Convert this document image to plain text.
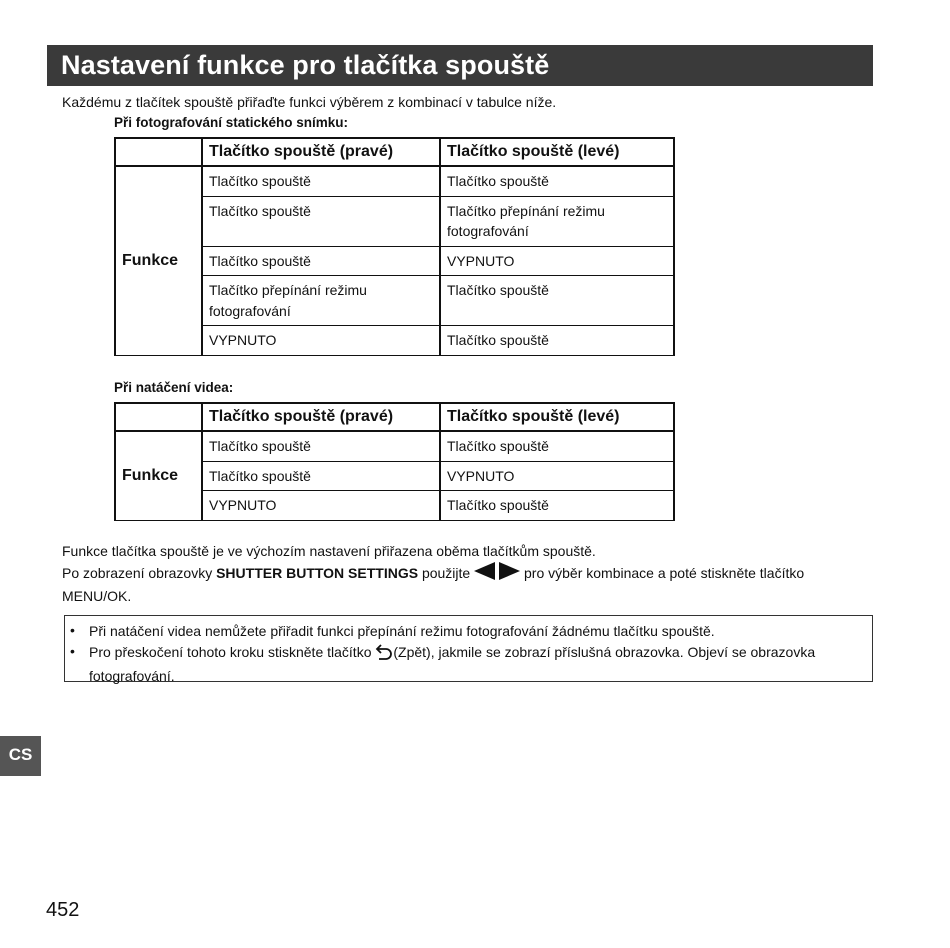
Nastavení funkce pro tlačítka spouště
Každému z tlačítek spouště přiřaďte funkci výběrem z kombinací v tabulce níže.
Při fotografování statického snímku:
	Tlačítko spouště (pravé)	Tlačítko spouště (levé)
Funkce	Tlačítko spouště	Tlačítko spouště
	Tlačítko spouště	Tlačítko přepínání režimu fotografování
	Tlačítko spouště	VYPNUTO
	Tlačítko přepínání režimu fotografování	Tlačítko spouště
	VYPNUTO	Tlačítko spouště
Při natáčení videa:
	Tlačítko spouště (pravé)	Tlačítko spouště (levé)
Funkce	Tlačítko spouště	Tlačítko spouště
	Tlačítko spouště	VYPNUTO
	VYPNUTO	Tlačítko spouště
Funkce tlačítka spouště je ve výchozím nastavení přiřazena oběma tlačítkům spouště.
Po zobrazení obrazovky SHUTTER BUTTON SETTINGS použijte	pro výběr kombinace a poté stiskněte tlačítko MENU/OK.
• Při natáčení videa nemůžete přiřadit funkci přepínání režimu fotografování žádnému tlačítku spouště.
• Pro přeskočení tohoto kroku stiskněte tlačítko (Zpět), jakmile se zobrazí příslušná obrazovka. Objeví se obrazovka fotografování.
CS
452
